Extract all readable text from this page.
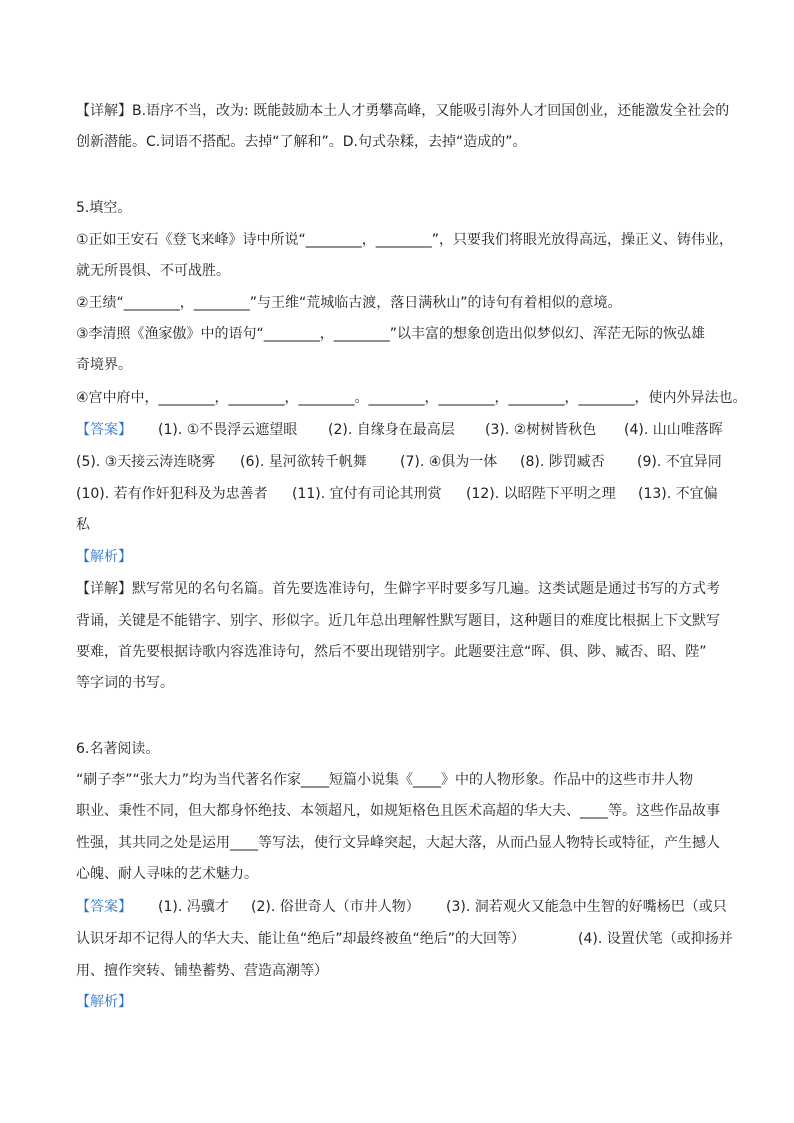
【详解】B.语序不当，改为: 既能鼓励本土人才勇攀高峰，又能吸引海外人才回国创业，还能激发全社会的
创新潜能。C.词语不搭配。去掉“了解和”。D.句式杂糅，去掉“造成的”。
5.填空。
①正如王安石《登飞来峰》诗中所说“________，________”，只要我们将眼光放得高远，操正义、铸伟业，
就无所畏惧、不可战胜。
②王绩“________，________”与王维“荒城临古渡，落日满秋山”的诗句有着相似的意境。
③李清照《渔家傲》中的语句“________，________”以丰富的想象创造出似梦似幻、浑茫无际的恢弘雄
奇境界。
④宫中府中，________，________，________。________，________，________，________，使内外异法也。
【答案】 (1). ①不畏浮云遮望眼 (2). 自缘身在最高层 (3). ②树树皆秋色 (4). 山山唯落晖
(5). ③天接云涛连晓雾 (6). 星河欲转千帆舞 (7). ④俱为一体 (8). 陟罚臧否 (9). 不宜异同
(10). 若有作奸犯科及为忠善者 (11). 宜付有司论其刑赏 (12). 以昭陛下平明之理 (13). 不宜偏
私
【解析】
【详解】默写常见的名句名篇。首先要选准诗句，生僻字平时要多写几遍。这类试题是通过书写的方式考
背诵，关键是不能错字、别字、形似字。近几年总出理解性默写题目，这种题目的难度比根据上下文默写
要难，首先要根据诗歌内容选准诗句，然后不要出现错别字。此题要注意“晖、俱、陟、臧否、昭、陛”
等字词的书写。
6.名著阅读。
“刷子李”“张大力”均为当代著名作家____短篇小说集《____》中的人物形象。作品中的这些市井人物
职业、秉性不同，但大都身怀绝技、本领超凡，如规矩格色且医术高超的华大夫、____等。这些作品故事
性强，其共同之处是运用____等写法，使行文异峰突起，大起大落，从而凸显人物特长或特征，产生撼人
心魄、耐人寻味的艺术魅力。
【答案】 (1). 冯骥才 (2). 俗世奇人（市井人物） (3). 洞若观火又能急中生智的好嘴杨巴（或只
认识牙却不记得人的华大夫、能让鱼“绝后”却最终被鱼“绝后”的大回等）	(4). 设置伏笔（或抑扬并
用、擅作突转、铺垫蓄势、营造高潮等）
【解析】
